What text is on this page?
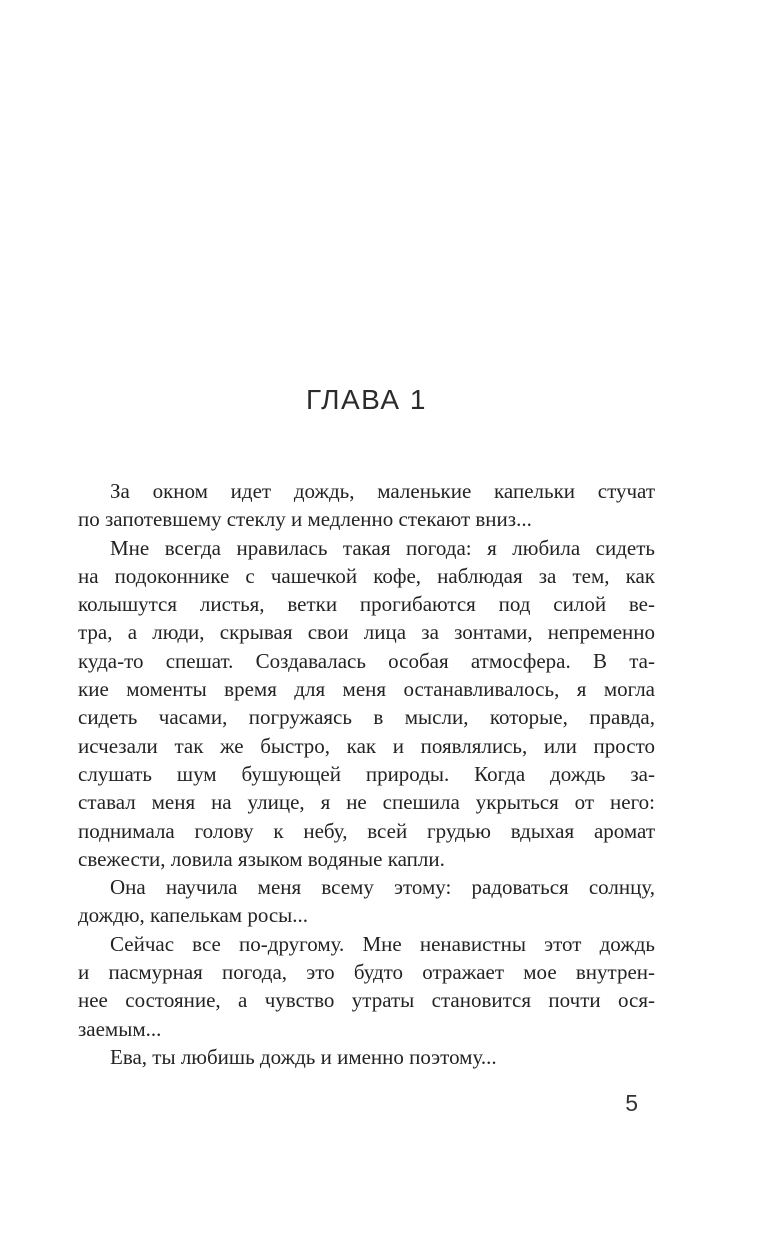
ГЛАВА 1
За окном идет дождь, маленькие капельки стучат
по запотевшему стеклу и медленно стекают вниз...
Мне всегда нравилась такая погода: я любила сидеть
на подоконнике с чашечкой кофе, наблюдая за тем, как
колышутся листья, ветки прогибаются под силой ве-
тра, а люди, скрывая свои лица за зонтами, непременно
куда-то спешат. Создавалась особая атмосфера. В та-
кие моменты время для меня останавливалось, я могла
сидеть часами, погружаясь в мысли, которые, правда,
исчезали так же быстро, как и появлялись, или просто
слушать шум бушующей природы. Когда дождь за-
ставал меня на улице, я не спешила укрыться от него:
поднимала голову к небу, всей грудью вдыхая аромат
свежести, ловила языком водяные капли.
Она научила меня всему этому: радоваться солнцу,
дождю, капелькам росы...
Сейчас все по-другому. Мне ненавистны этот дождь
и пасмурная погода, это будто отражает мое внутрен-
нее состояние, а чувство утраты становится почти ося-
заемым...
Ева, ты любишь дождь и именно поэтому...
5
